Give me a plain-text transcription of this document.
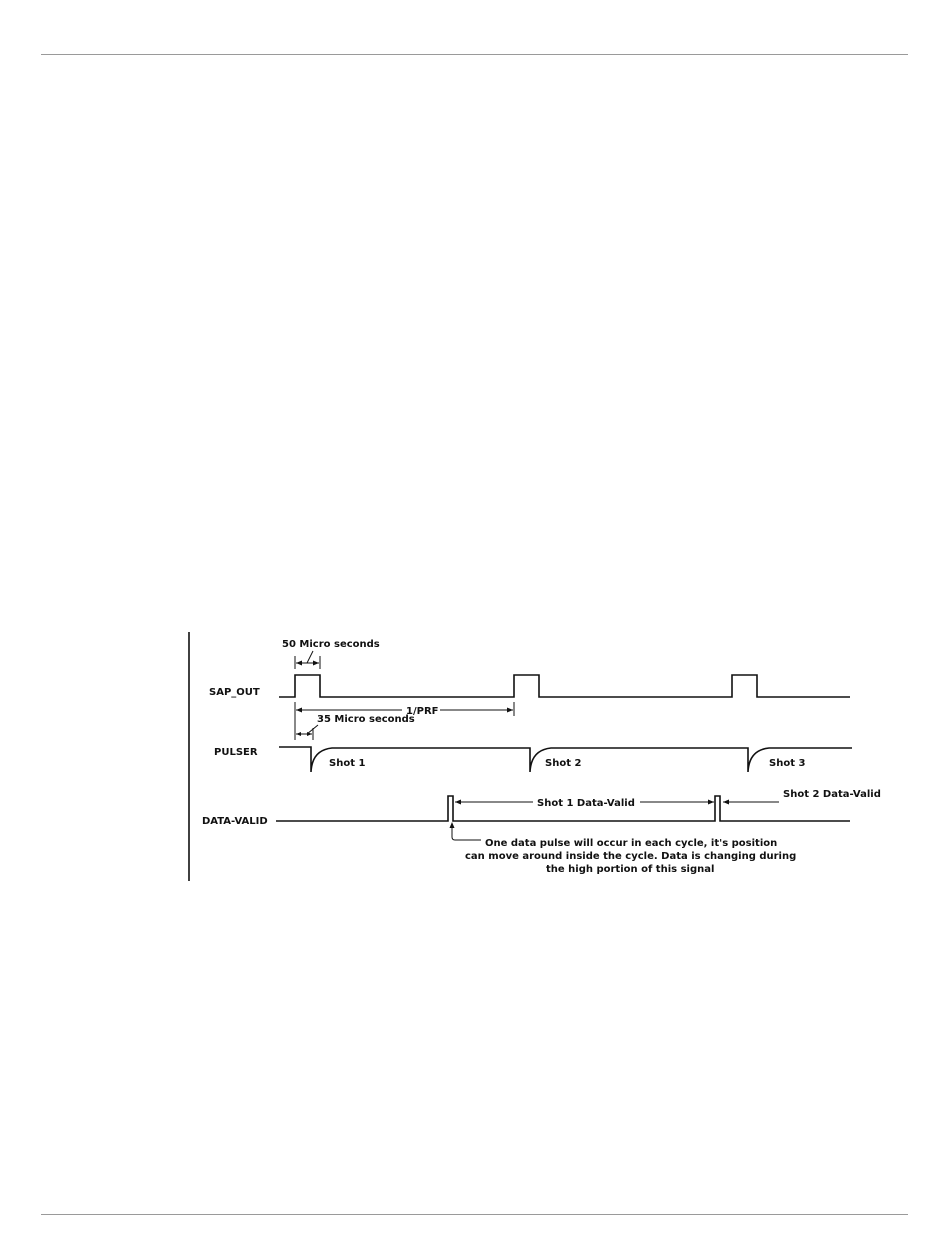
SAP_OUT
PULSER
DATA-VALID
50 Micro seconds
1/PRF
35 Micro seconds
Shot 1	Shot 2	Shot 3
Shot 1 Data-Valid
Shot 2 Data-Valid
One data pulse will occur in each cycle, it's position
can move around inside the cycle. Data is changing during
the high portion of this signal
